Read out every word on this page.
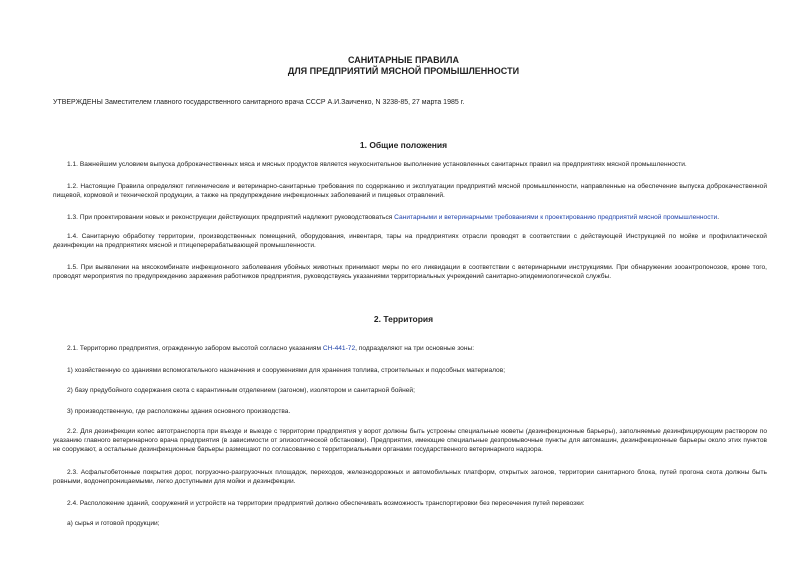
САНИТАРНЫЕ ПРАВИЛА
ДЛЯ ПРЕДПРИЯТИЙ МЯСНОЙ ПРОМЫШЛЕННОСТИ
УТВЕРЖДЕНЫ Заместителем главного государственного санитарного врача СССР А.И.Заиченко, N 3238-85, 27 марта 1985 г.
1. Общие положения
1.1. Важнейшим условием выпуска доброкачественных мяса и мясных продуктов является неукоснительное выполнение установленных санитарных правил на предприятиях мясной промышленности.
1.2. Настоящие Правила определяют гигиенические и ветеринарно-санитарные требования по содержанию и эксплуатации предприятий мясной промышленности, направленные на обеспечение выпуска доброкачественной пищевой, кормовой и технической продукции, а также на предупреждение инфекционных заболеваний и пищевых отравлений.
1.3. При проектировании новых и реконструкции действующих предприятий надлежит руководствоваться Санитарными и ветеринарными требованиями к проектированию предприятий мясной промышленности.
1.4. Санитарную обработку территории, производственных помещений, оборудования, инвентаря, тары на предприятиях отрасли проводят в соответствии с действующей Инструкцией по мойке и профилактической дезинфекции на предприятиях мясной и птицеперерабатывающей промышленности.
1.5. При выявлении на мясокомбинате инфекционного заболевания убойных животных принимают меры по его ликвидации в соответствии с ветеринарными инструкциями. При обнаружении зооантропонозов, кроме того, проводят мероприятия по предупреждению заражения работников предприятия, руководствуясь указаниями территориальных учреждений санитарно-эпидемиологической службы.
2. Территория
2.1. Территорию предприятия, огражденную забором высотой согласно указаниям СН-441-72, подразделяют на три основные зоны:
1) хозяйственную со зданиями вспомогательного назначения и сооружениями для хранения топлива, строительных и подсобных материалов;
2) базу предубойного содержания скота с карантинным отделением (загоном), изолятором и санитарной бойней;
3) производственную, где расположены здания основного производства.
2.2. Для дезинфекции колес автотранспорта при въезде и выезде с территории предприятия у ворот должны быть устроены специальные кюветы (дезинфекционные барьеры), заполняемые дезинфицирующим раствором по указанию главного ветеринарного врача предприятия (в зависимости от эпизоотической обстановки). Предприятия, имеющие специальные дезпромывочные пункты для автомашин, дезинфекционные барьеры около этих пунктов не сооружают, а остальные дезинфекционные барьеры размещают по согласованию с территориальными органами государственного ветеринарного надзора.
2.3. Асфальтобетонные покрытия дорог, погрузочно-разгрузочных площадок, переходов, железнодорожных и автомобильных платформ, открытых загонов, территории санитарного блока, путей прогона скота должны быть ровными, водонепроницаемыми, легко доступными для мойки и дезинфекции.
2.4. Расположение зданий, сооружений и устройств на территории предприятий должно обеспечивать возможность транспортировки без пересечения путей перевозки:
а) сырья и готовой продукции;
